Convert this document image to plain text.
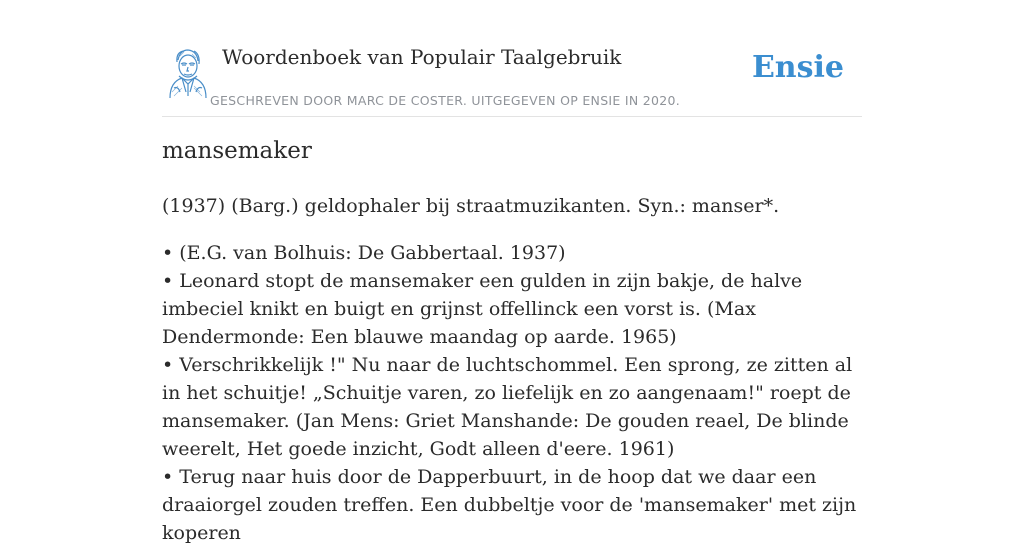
Woordenboek van Populair Taalgebruik
GESCHREVEN DOOR MARC DE COSTER. UITGEGEVEN OP ENSIE IN 2020.
Ensie
mansemaker

(1937) (Barg.) geldophaler bij straatmuzikanten. Syn.: manser*.

• (E.G. van Bolhuis: De Gabbertaal. 1937)

• Leonard stopt de mansemaker een gulden in zijn bakje, de halve imbeciel knikt en buigt en grijnst offellinck een vorst is. (Max Dendermonde: Een blauwe maandag op aarde. 1965)

• Verschrikkelijk !" Nu naar de luchtschommel. Een sprong, ze zitten al in het schuitje! „Schuitje varen, zo liefelijk en zo aangenaam!" roept de mansemaker. (Jan Mens: Griet Manshande: De gouden reael, De blinde weerelt, Het goede inzicht, Godt alleen d'eere. 1961)

• Terug naar huis door de Dapperbuurt, in de hoop dat we daar een draaiorgel zouden treffen. Een dubbeltje voor de 'mansemaker' met zijn koperen
